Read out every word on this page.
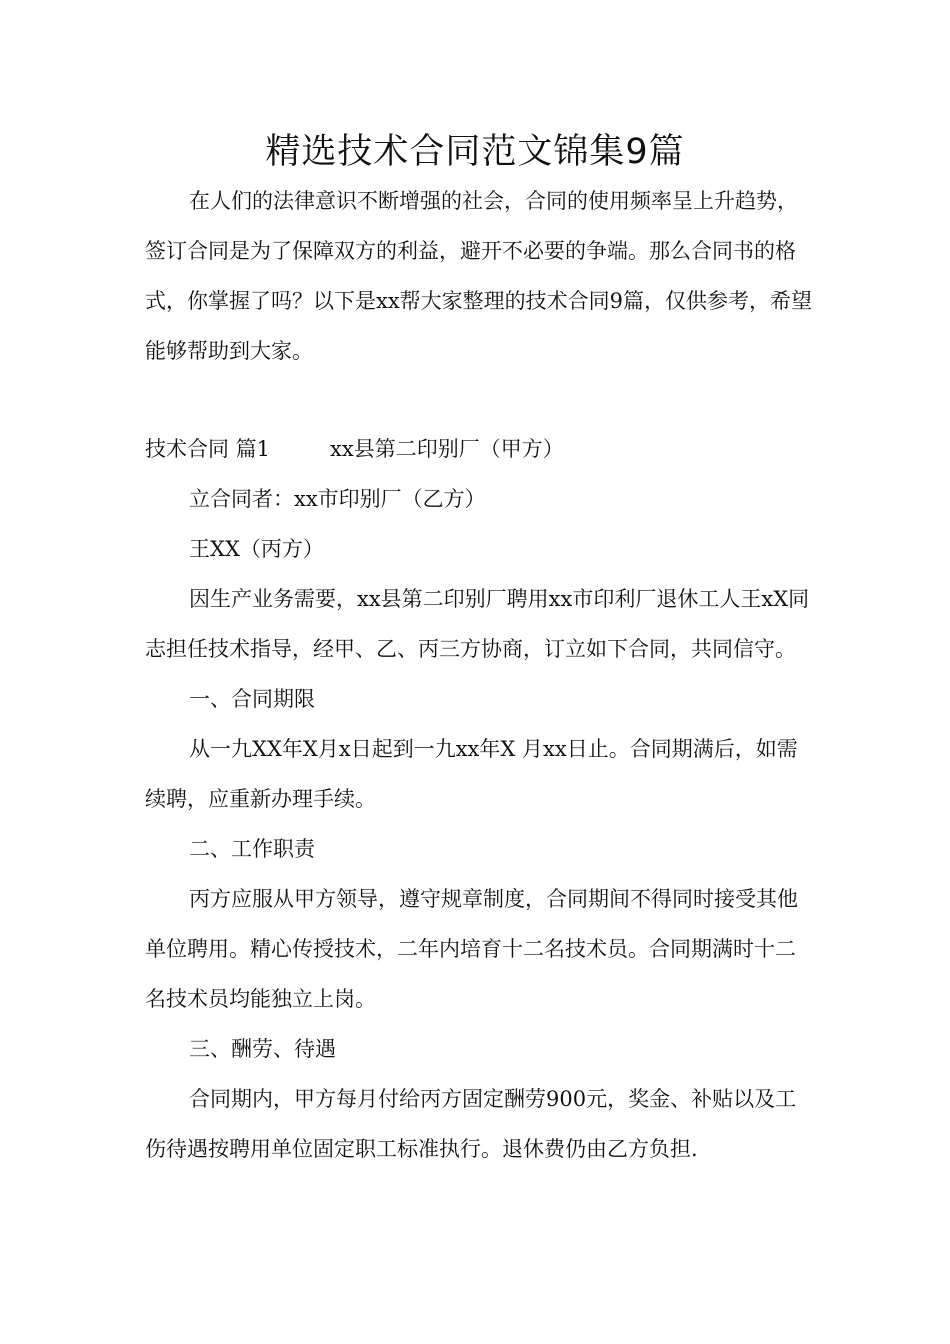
精选技术合同范文锦集9篇

在人们的法律意识不断增强的社会，合同的使用频率呈上升趋势，签订合同是为了保障双方的利益，避开不必要的争端。那么合同书的格式，你掌握了吗？以下是xx帮大家整理的技术合同9篇，仅供参考，希望能够帮助到大家。

技术合同 篇1	xx县第二印别厂（甲方）

立合同者：xx市印别厂（乙方）

王XX（丙方）

因生产业务需要，xx县第二印别厂聘用xx市印利厂退休工人王xX同志担任技术指导，经甲、乙、丙三方协商，订立如下合同，共同信守。

一、合同期限

从一九XX年X月x日起到一九xx年X 月xx日止。合同期满后，如需续聘，应重新办理手续。

二、工作职责

丙方应服从甲方领导，遵守规章制度，合同期间不得同时接受其他单位聘用。精心传授技术，二年内培育十二名技术员。合同期满时十二名技术员均能独立上岗。

三、酬劳、待遇

合同期内，甲方每月付给丙方固定酬劳900元，奖金、补贴以及工伤待遇按聘用单位固定职工标准执行。退休费仍由乙方负担.
